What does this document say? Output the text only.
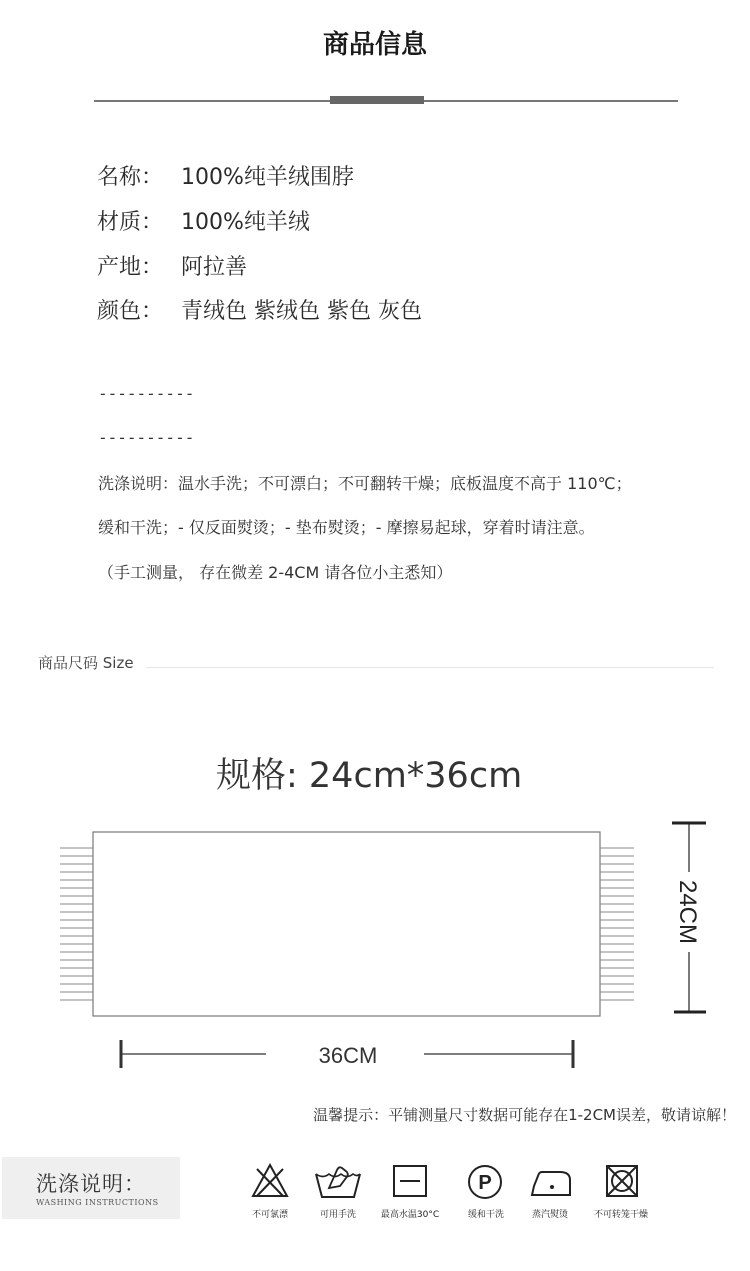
商品信息
名称： 100%纯羊绒围脖
材质： 100%纯羊绒
产地： 阿拉善
颜色： 青绒色 紫绒色 紫色 灰色
----------
----------
洗涤说明：温水手洗；不可漂白；不可翻转干燥；底板温度不高于 110℃；
缓和干洗；- 仅反面熨烫；- 垫布熨烫；- 摩擦易起球，穿着时请注意。
（手工测量， 存在微差 2-4CM 请各位小主悉知）
商品尺码 Size
规格: 24cm*36cm
24CM
36CM
温馨提示：平铺测量尺寸数据可能存在1-2CM误差，敬请谅解！
洗涤说明：
WASHING INSTRUCTIONS
不可氯漂	可用手洗	最高水温30°C
P
缓和干洗	蒸汽熨烫	不可转笼干燥
